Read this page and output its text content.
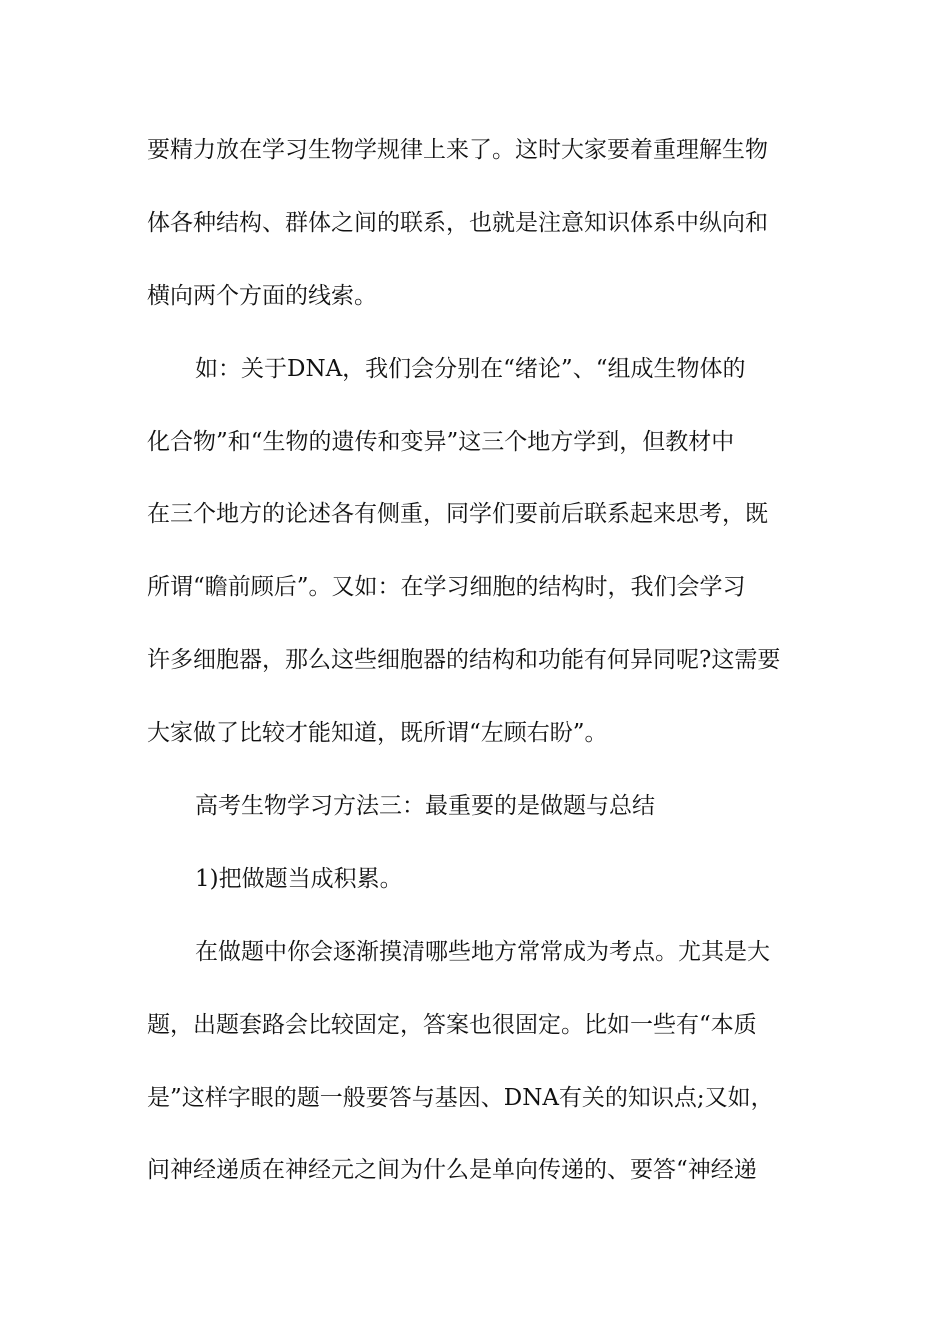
要精力放在学习生物学规律上来了。这时大家要着重理解生物
体各种结构、群体之间的联系，也就是注意知识体系中纵向和
横向两个方面的线索。
如：关于DNA，我们会分别在“绪论”、“组成生物体的
化合物”和“生物的遗传和变异”这三个地方学到，但教材中
在三个地方的论述各有侧重，同学们要前后联系起来思考，既
所谓“瞻前顾后”。又如：在学习细胞的结构时，我们会学习
许多细胞器，那么这些细胞器的结构和功能有何异同呢?这需要
大家做了比较才能知道，既所谓“左顾右盼”。
高考生物学习方法三：最重要的是做题与总结
1)把做题当成积累。
在做题中你会逐渐摸清哪些地方常常成为考点。尤其是大
题，出题套路会比较固定，答案也很固定。比如一些有“本质
是”这样字眼的题一般要答与基因、DNA有关的知识点;又如，
问神经递质在神经元之间为什么是单向传递的、要答“神经递
